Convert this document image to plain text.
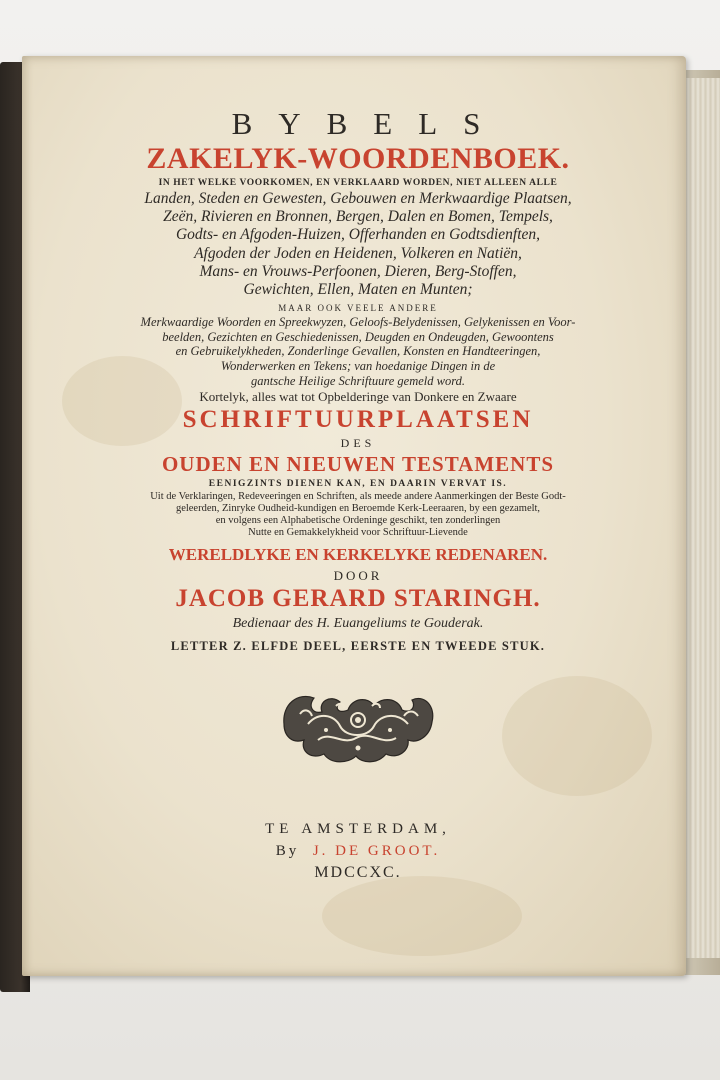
BYBELS
ZAKELYK-WOORDENBOEK.
IN HET WELKE VOORKOMEN, EN VERKLAARD WORDEN, NIET ALLEEN ALLE
Landen, Steden en Gewesten, Gebouwen en Merkwaardige Plaatsen,
Zeën, Rivieren en Bronnen, Bergen, Dalen en Bomen, Tempels,
Godts- en Afgoden-Huizen, Offerhanden en Godtsdienften,
Afgoden der Joden en Heidenen, Volkeren en Natiën,
Mans- en Vrouws-Perfoonen, Dieren, Berg-Stoffen,
Gewichten, Ellen, Maten en Munten;
MAAR OOK VEELE ANDERE
Merkwaardige Woorden en Spreekwyzen, Geloofs-Belydenissen, Gelykenissen en Voor-
beelden, Gezichten en Geschiedenissen, Deugden en Ondeugden, Gewoontens
en Gebruikelykheden, Zonderlinge Gevallen, Konsten en Handteeringen,
Wonderwerken en Tekens; van hoedanige Dingen in de
gantsche Heilige Schriftuure gemeld word.
Kortelyk, alles wat tot Opbelderinge van Donkere en Zwaare
SCHRIFTUURPLAATSEN
DES
OUDEN EN NIEUWEN TESTAMENTS
EENIGZINTS DIENEN KAN, EN DAARIN VERVAT IS.
Uit de Verklaringen, Redeveeringen en Schriften, als meede andere Aanmerkingen der Beste Godt-
geleerden, Zinryke Oudheid-kundigen en Beroemde Kerk-Leeraaren, by een gezamelt,
en volgens een Alphabetische Ordeninge geschikt, ten zonderlingen
Nutte en Gemakkelykheid voor Schriftuur-Lievende
WERELDLYKE EN KERKELYKE REDENAREN.
DOOR
JACOB GERARD STARINGH.
Bedienaar des H. Euangeliums te Gouderak.
LETTER Z. ELFDE DEEL, EERSTE EN TWEEDE STUK.
TE AMSTERDAM,
By J. DE GROOT.
MDCCXC.
